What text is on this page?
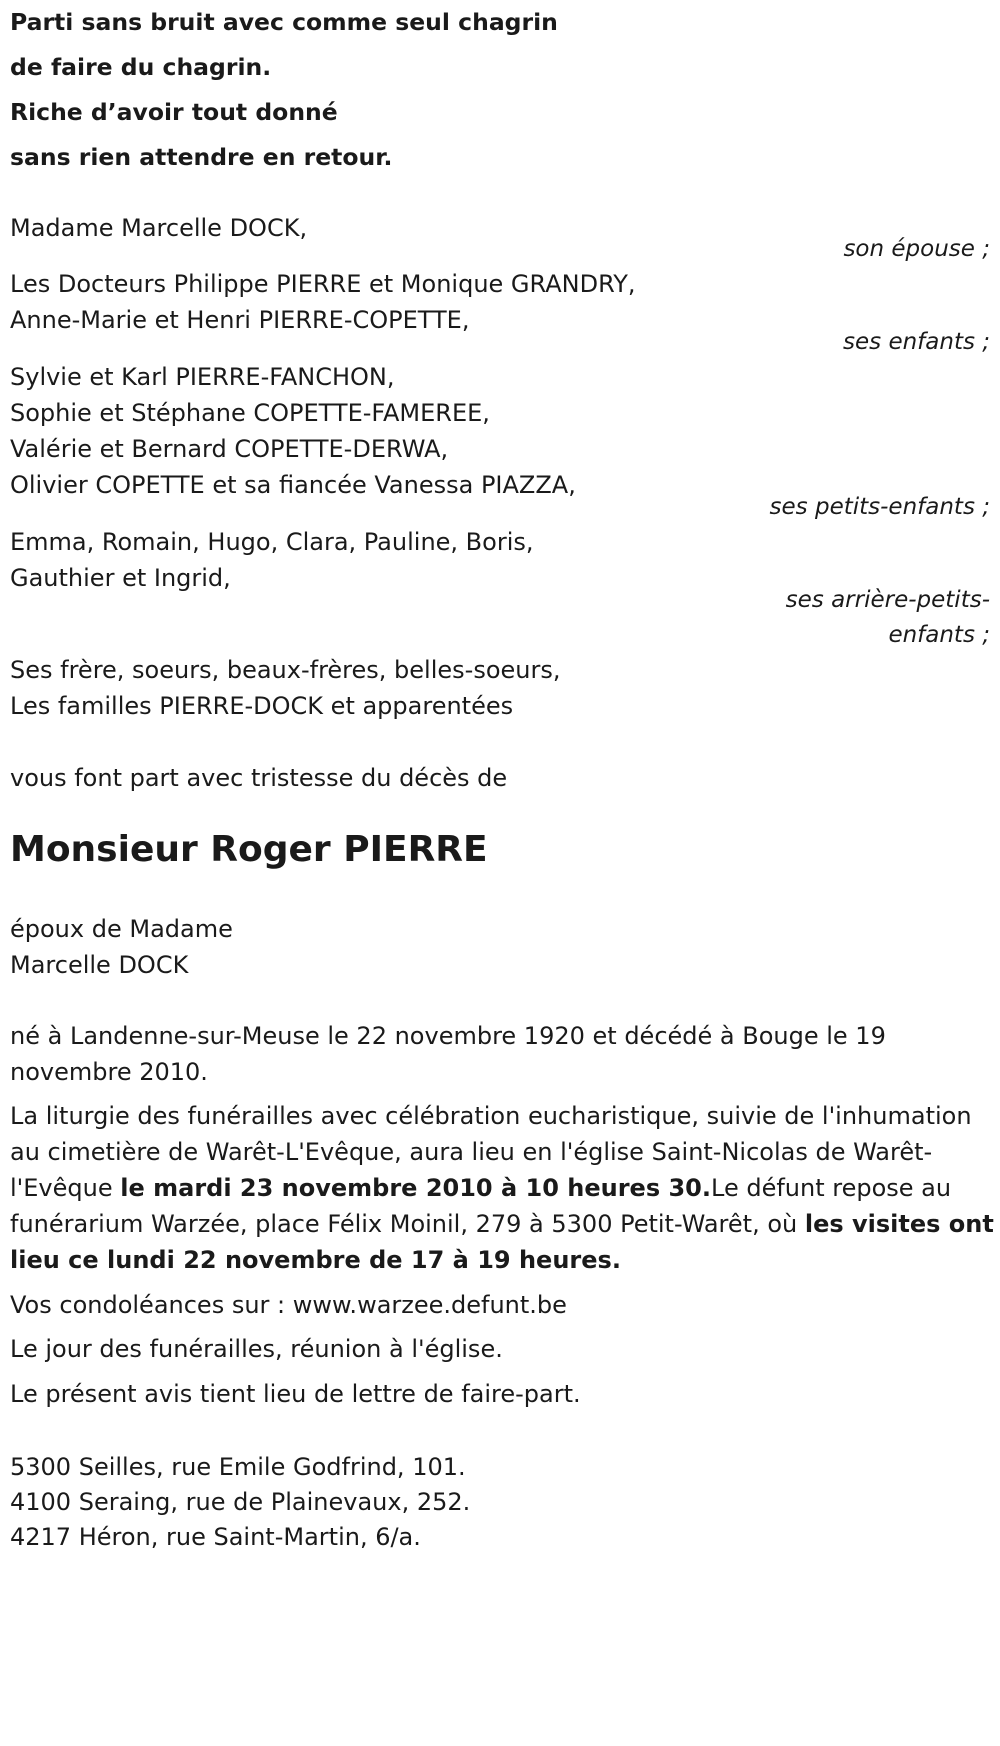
Parti sans bruit avec comme seul chagrin
de faire du chagrin.
Riche d’avoir tout donné
sans rien attendre en retour.
Madame Marcelle DOCK,
son épouse ;
Les Docteurs Philippe PIERRE et Monique GRANDRY,
Anne-Marie et Henri PIERRE-COPETTE,
ses enfants ;
Sylvie et Karl PIERRE-FANCHON,
Sophie et Stéphane COPETTE-FAMEREE,
Valérie et Bernard COPETTE-DERWA,
Olivier COPETTE et sa fiancée Vanessa PIAZZA,
ses petits-enfants ;
Emma, Romain, Hugo, Clara, Pauline, Boris,
Gauthier et Ingrid,
ses arrière-petits-
enfants ;
Ses frère, soeurs, beaux-frères, belles-soeurs,
Les familles PIERRE-DOCK et apparentées
vous font part avec tristesse du décès de
Monsieur Roger PIERRE
époux de Madame
Marcelle DOCK
né à Landenne-sur-Meuse le 22 novembre 1920 et décédé à Bouge le 19 novembre 2010.
La liturgie des funérailles avec célébration eucharistique, suivie de l'inhumation au cimetière de Warêt-L'Evêque, aura lieu en l'église Saint-Nicolas de Warêt-l'Evêque le mardi 23 novembre 2010 à 10 heures 30.Le défunt repose au funérarium Warzée, place Félix Moinil, 279 à 5300 Petit-Warêt, où les visites ont lieu ce lundi 22 novembre de 17 à 19 heures.
Vos condoléances sur : www.warzee.defunt.be
Le jour des funérailles, réunion à l'église.
Le présent avis tient lieu de lettre de faire-part.
5300 Seilles, rue Emile Godfrind, 101.
4100 Seraing, rue de Plainevaux, 252.
4217 Héron, rue Saint-Martin, 6/a.
